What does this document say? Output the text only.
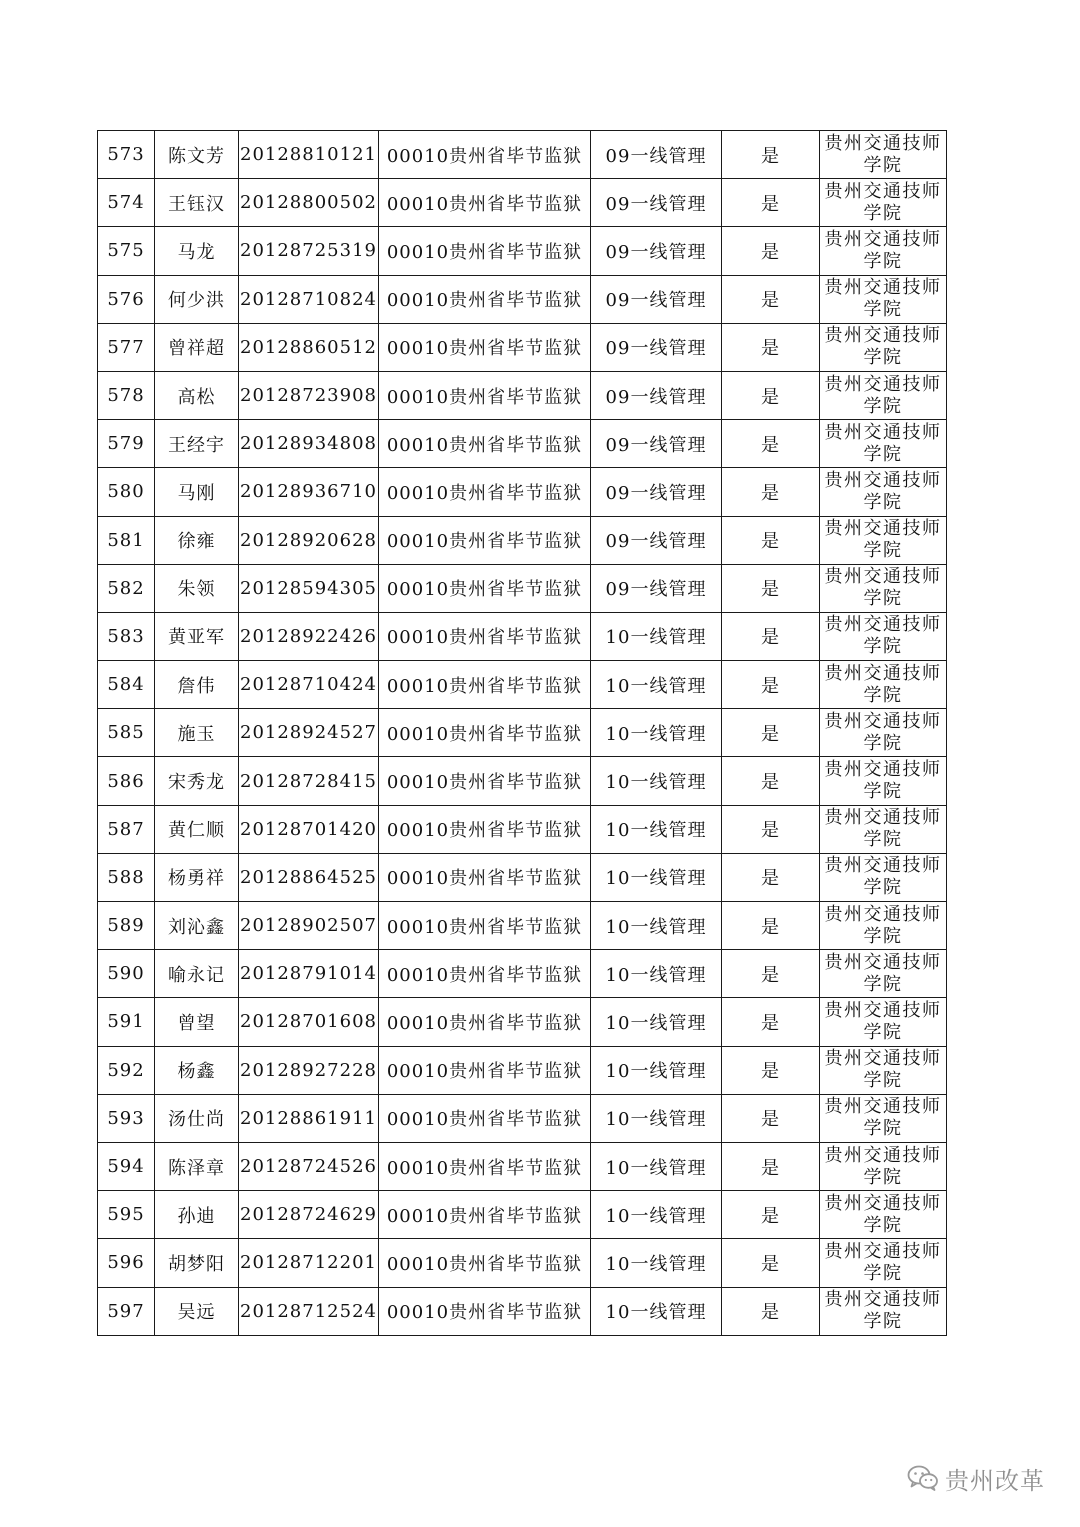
573	陈文芳	20128810121	00010贵州省毕节监狱	09一线管理	是	贵州交通技师学院
574	王钰汉	20128800502	00010贵州省毕节监狱	09一线管理	是	贵州交通技师学院
575	马龙	20128725319	00010贵州省毕节监狱	09一线管理	是	贵州交通技师学院
576	何少洪	20128710824	00010贵州省毕节监狱	09一线管理	是	贵州交通技师学院
577	曾祥超	20128860512	00010贵州省毕节监狱	09一线管理	是	贵州交通技师学院
578	高松	20128723908	00010贵州省毕节监狱	09一线管理	是	贵州交通技师学院
579	王经宇	20128934808	00010贵州省毕节监狱	09一线管理	是	贵州交通技师学院
580	马刚	20128936710	00010贵州省毕节监狱	09一线管理	是	贵州交通技师学院
581	徐雍	20128920628	00010贵州省毕节监狱	09一线管理	是	贵州交通技师学院
582	朱领	20128594305	00010贵州省毕节监狱	09一线管理	是	贵州交通技师学院
583	黄亚军	20128922426	00010贵州省毕节监狱	10一线管理	是	贵州交通技师学院
584	詹伟	20128710424	00010贵州省毕节监狱	10一线管理	是	贵州交通技师学院
585	施玉	20128924527	00010贵州省毕节监狱	10一线管理	是	贵州交通技师学院
586	宋秀龙	20128728415	00010贵州省毕节监狱	10一线管理	是	贵州交通技师学院
587	黄仁顺	20128701420	00010贵州省毕节监狱	10一线管理	是	贵州交通技师学院
588	杨勇祥	20128864525	00010贵州省毕节监狱	10一线管理	是	贵州交通技师学院
589	刘沁鑫	20128902507	00010贵州省毕节监狱	10一线管理	是	贵州交通技师学院
590	喻永记	20128791014	00010贵州省毕节监狱	10一线管理	是	贵州交通技师学院
591	曾望	20128701608	00010贵州省毕节监狱	10一线管理	是	贵州交通技师学院
592	杨鑫	20128927228	00010贵州省毕节监狱	10一线管理	是	贵州交通技师学院
593	汤仕尚	20128861911	00010贵州省毕节监狱	10一线管理	是	贵州交通技师学院
594	陈泽章	20128724526	00010贵州省毕节监狱	10一线管理	是	贵州交通技师学院
595	孙迪	20128724629	00010贵州省毕节监狱	10一线管理	是	贵州交通技师学院
596	胡梦阳	20128712201	00010贵州省毕节监狱	10一线管理	是	贵州交通技师学院
597	吴远	20128712524	00010贵州省毕节监狱	10一线管理	是	贵州交通技师学院
贵州改革
